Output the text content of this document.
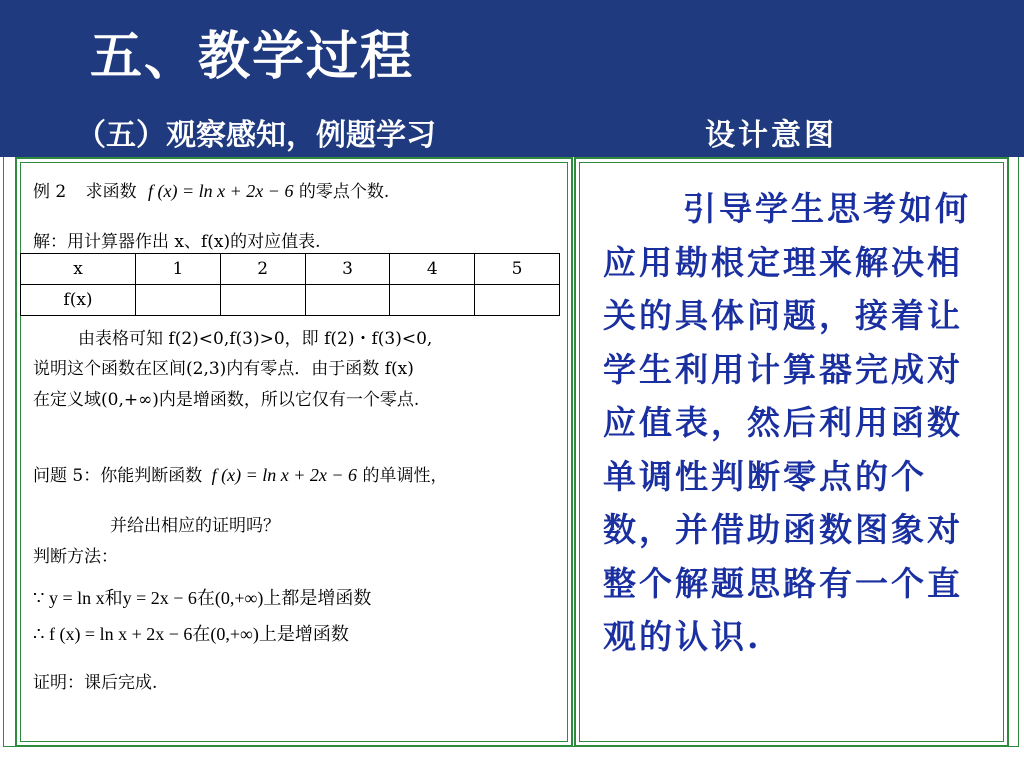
五、教学过程
（五）观察感知，例题学习	设计意图
例 2 求函数 f (x) = ln x + 2x − 6 的零点个数.
解：用计算器作出 x、f(x)的对应值表.
x	1	2	3	4	5
f(x)					
由表格可知 f(2)<0,f(3)>0，即 f(2)・f(3)<0,
说明这个函数在区间(2,3)内有零点．由于函数 f(x)
在定义域(0,+∞)内是增函数，所以它仅有一个零点.
问题 5：你能判断函数 f (x) = ln x + 2x − 6 的单调性，
并给出相应的证明吗？
判断方法：
∵ y = ln x和y = 2x − 6在(0,+∞)上都是增函数
∴ f (x) = ln x + 2x − 6在(0,+∞)上是增函数
证明：课后完成.
引导学生思考如何应用勘根定理来解决相关的具体问题，接着让学生利用计算器完成对应值表，然后利用函数单调性判断零点的个数，并借助函数图象对整个解题思路有一个直观的认识.
